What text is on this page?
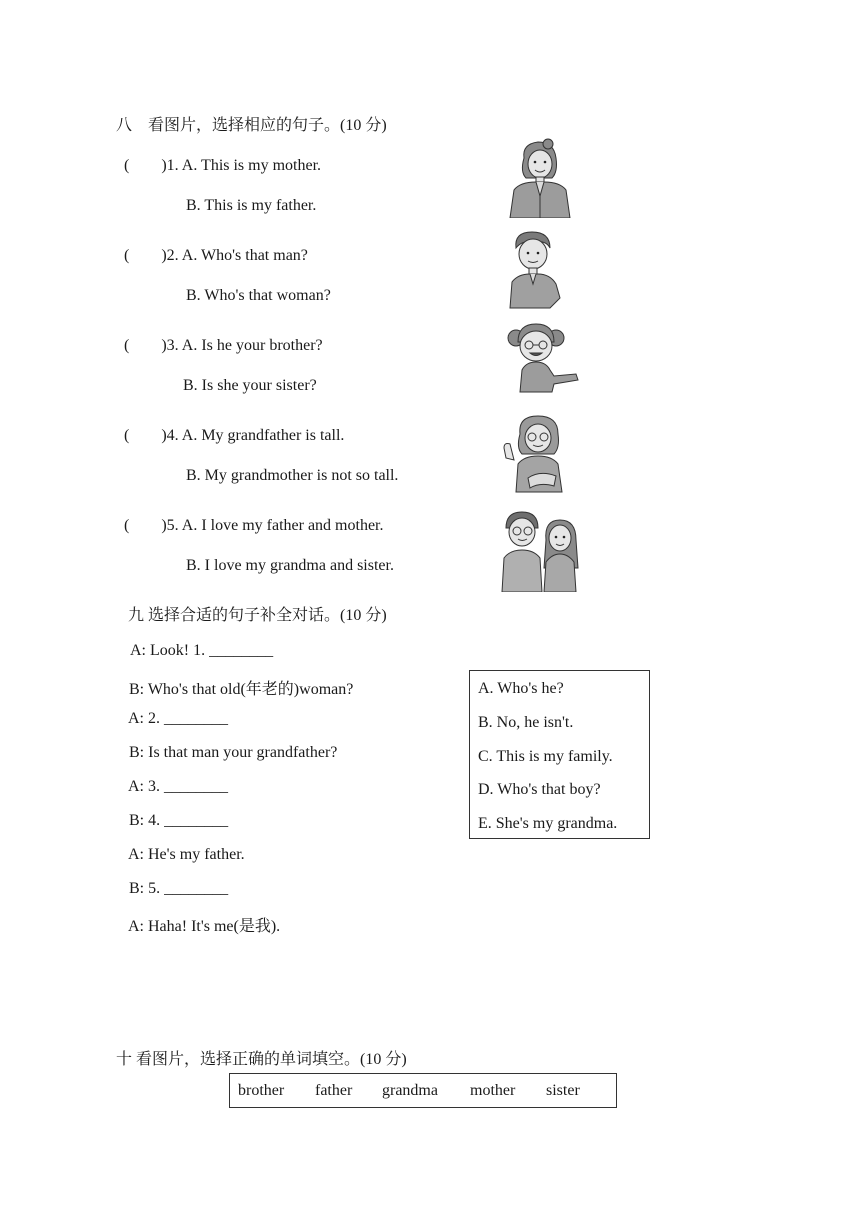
八　看图片，选择相应的句子。(10 分)
(　　)1. A. This is my mother.
B. This is my father.
(　　)2. A. Who's that man?
B. Who's that woman?
(　　)3. A. Is he your brother?
B. Is she your sister?
(　　)4. A. My grandfather is tall.
B. My grandmother is not so tall.
(　　)5. A. I love my father and mother.
B. I love my grandma and sister.
九 选择合适的句子补全对话。(10 分)
A: Look! 1. ________
B: Who's that old(年老的)woman?
A: 2. ________
B: Is that man your grandfather?
A: 3. ________
B: 4. ________
A: He's my father.
B: 5. ________
A: Haha! It's me(是我).
A. Who's he?
B. No, he isn't.
C. This is my family.
D. Who's that boy?
E. She's my grandma.
十 看图片，选择正确的单词填空。(10 分)
brother father grandma mother sister
